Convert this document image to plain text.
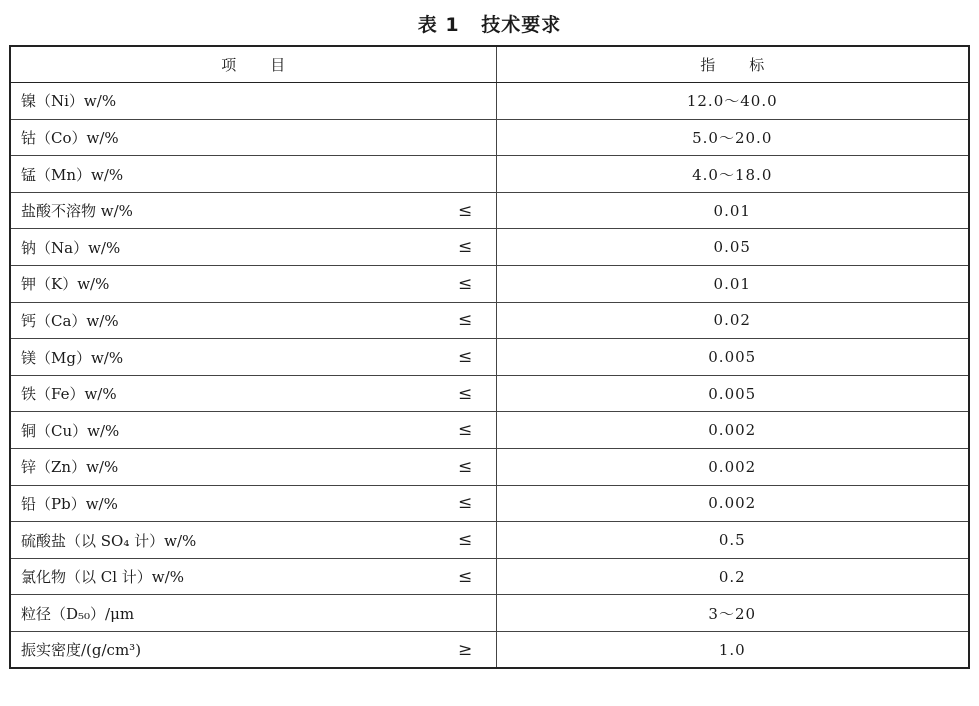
表 1 技术要求
项目	指标
镍（Ni）w/%	12.0～40.0
钴（Co）w/%	5.0～20.0
锰（Mn）w/%	4.0～18.0
盐酸不溶物 w/% ≤	0.01
钠（Na）w/% ≤	0.05
钾（K）w/% ≤	0.01
钙（Ca）w/% ≤	0.02
镁（Mg）w/% ≤	0.005
铁（Fe）w/% ≤	0.005
铜（Cu）w/% ≤	0.002
锌（Zn）w/% ≤	0.002
铅（Pb）w/% ≤	0.002
硫酸盐（以 SO₄ 计）w/% ≤	0.5
氯化物（以 Cl 计）w/% ≤	0.2
粒径（D₅₀）/μm	3～20
振实密度/(g/cm³) ≥	1.0
